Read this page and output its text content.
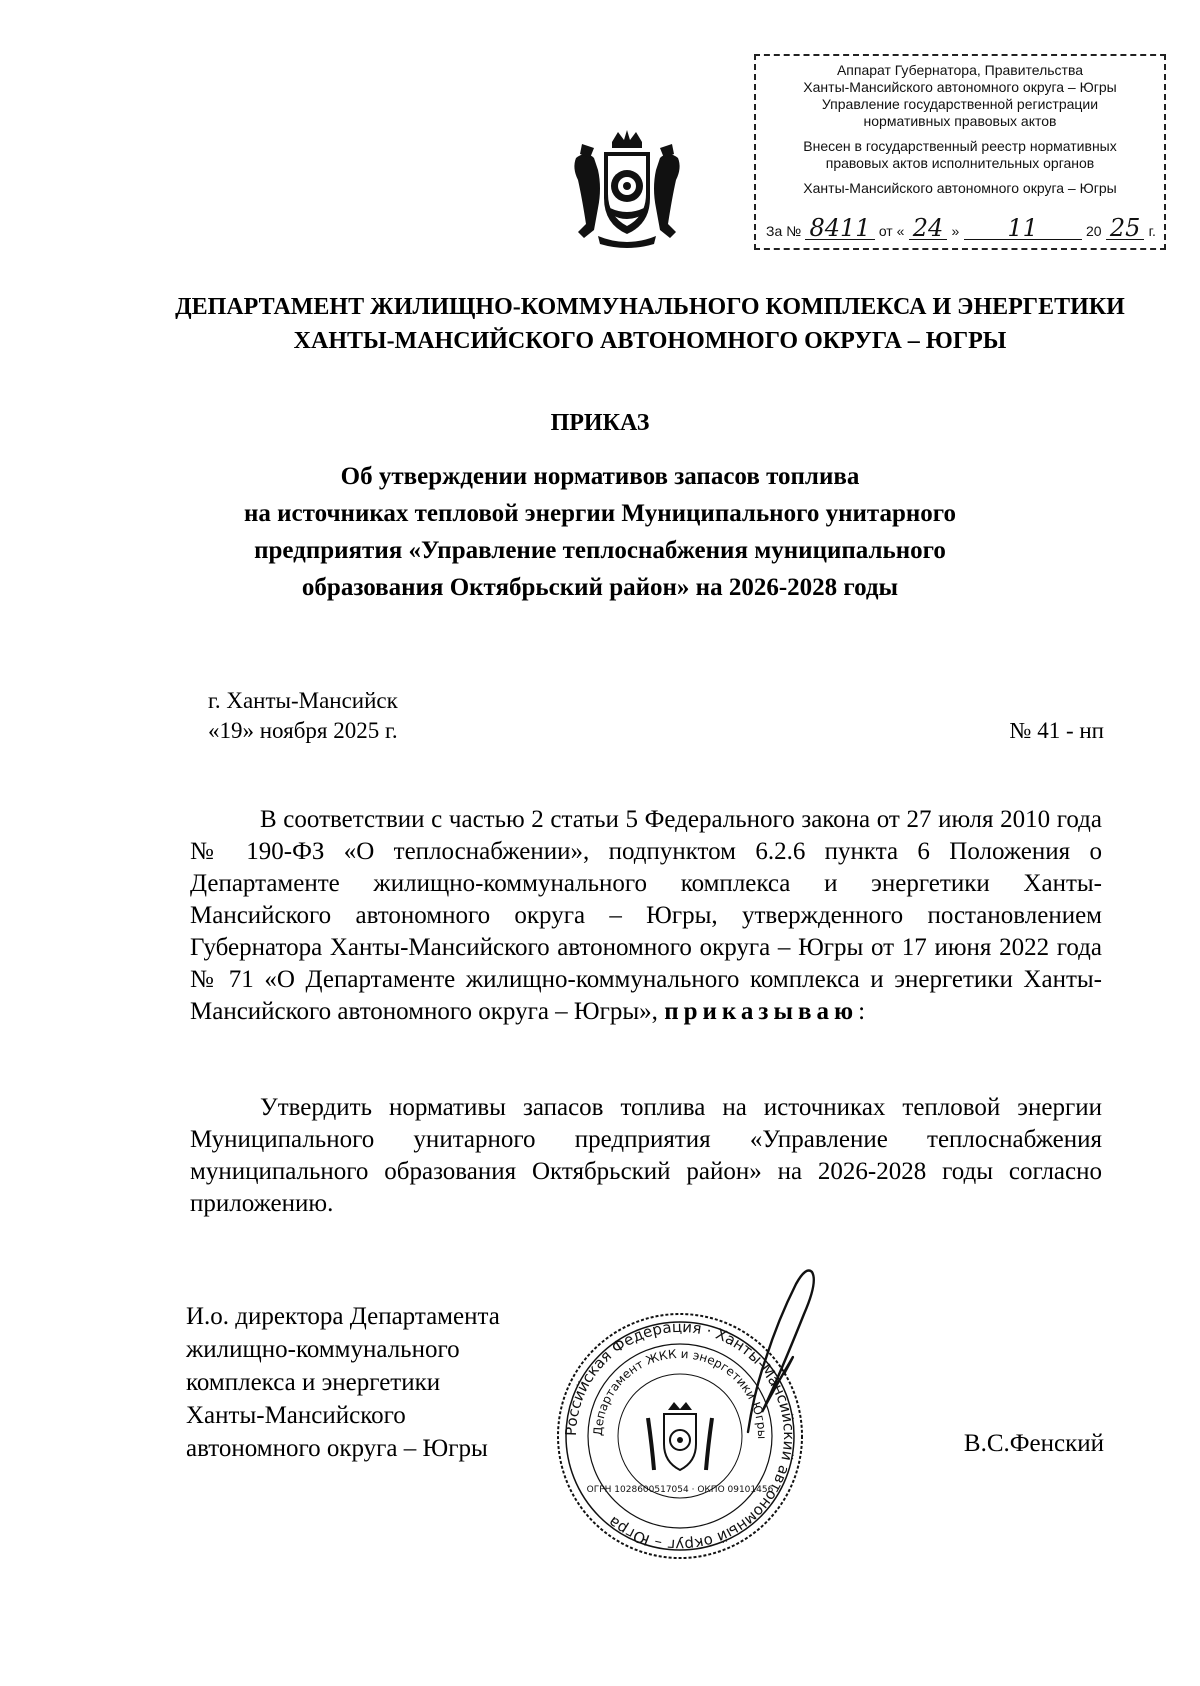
Аппарат Губернатора, Правительства
Ханты-Мансийского автономного округа – Югры
Управление государственной регистрации
нормативных правовых актов
Внесен в государственный реестр нормативных
правовых актов исполнительных органов
Ханты-Мансийского автономного округа – Югры
За № 8411 от « 24 »	11	20 25 г.
ДЕПАРТАМЕНТ ЖИЛИЩНО-КОММУНАЛЬНОГО КОМПЛЕКСА И ЭНЕРГЕТИКИ
ХАНТЫ-МАНСИЙСКОГО АВТОНОМНОГО ОКРУГА – ЮГРЫ
ПРИКАЗ
Об утверждении нормативов запасов топлива
на источниках тепловой энергии Муниципального унитарного
предприятия «Управление теплоснабжения муниципального
образования Октябрьский район» на 2026-2028 годы
г. Ханты-Мансийск
«19» ноября 2025 г.	№ 41 - нп
В соответствии с частью 2 статьи 5 Федерального закона от 27 июля 2010 года № 190-ФЗ «О теплоснабжении», подпунктом 6.2.6 пункта 6 Положения о Департаменте жилищно-коммунального комплекса и энергетики Ханты-Мансийского автономного округа – Югры, утвержденного постановлением Губернатора Ханты-Мансийского автономного округа – Югры от 17 июня 2022 года № 71 «О Департаменте жилищно-коммунального комплекса и энергетики Ханты-Мансийского автономного округа – Югры», приказываю:
Утвердить нормативы запасов топлива на источниках тепловой энергии Муниципального унитарного предприятия «Управление теплоснабжения муниципального образования Октябрьский район» на 2026-2028 годы согласно приложению.
И.о. директора Департамента
жилищно-коммунального
комплекса и энергетики
Ханты-Мансийского
автономного округа – Югры
Российская Федерация · Ханты-Мансийский автономный округ – Югра
Департамент ЖКК и энергетики Югры
ОГРН 1028600517054 · ОКПО 09101456
В.С.Фенский
